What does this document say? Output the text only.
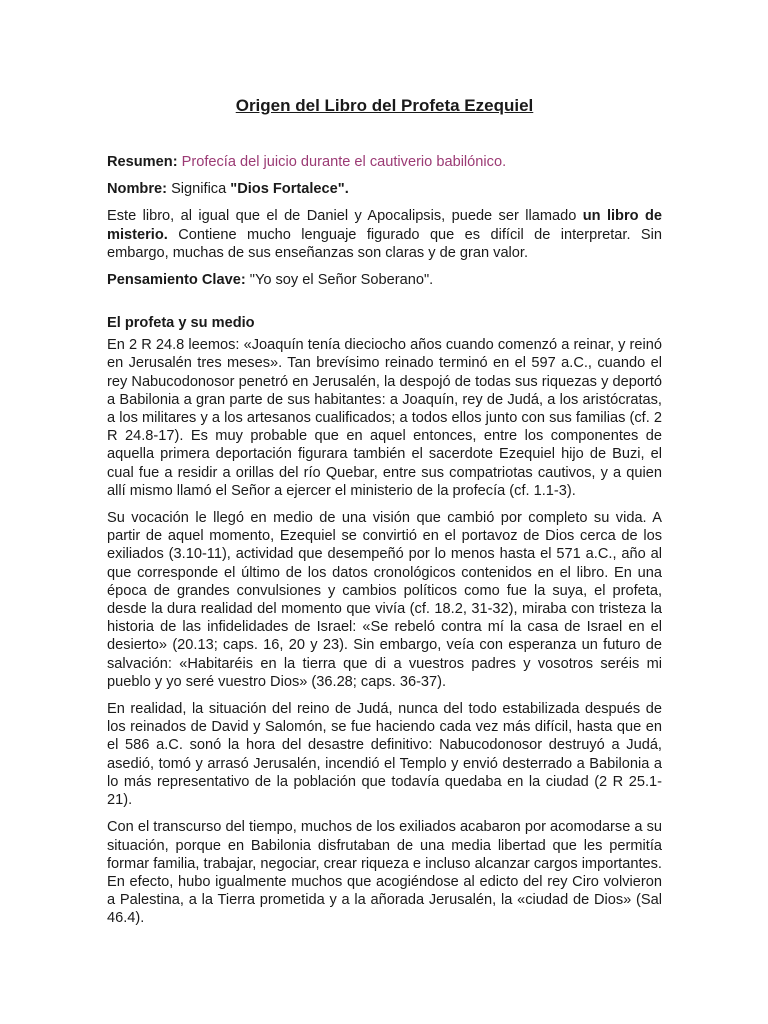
Origen del Libro del Profeta Ezequiel

Resumen: Profecía del juicio durante el cautiverio babilónico.

Nombre: Significa "Dios Fortalece".

Este libro, al igual que el de Daniel y Apocalipsis, puede ser llamado un libro de misterio. Contiene mucho lenguaje figurado que es difícil de interpretar. Sin embargo, muchas de sus enseñanzas son claras y de gran valor.

Pensamiento Clave: "Yo soy el Señor Soberano".

El profeta y su medio

En 2 R 24.8 leemos: «Joaquín tenía dieciocho años cuando comenzó a reinar, y reinó en Jerusalén tres meses». Tan brevísimo reinado terminó en el 597 a.C., cuando el rey Nabucodonosor penetró en Jerusalén, la despojó de todas sus riquezas y deportó a Babilonia a gran parte de sus habitantes: a Joaquín, rey de Judá, a los aristócratas, a los militares y a los artesanos cualificados; a todos ellos junto con sus familias (cf. 2 R 24.8-17). Es muy probable que en aquel entonces, entre los componentes de aquella primera deportación figurara también el sacerdote Ezequiel hijo de Buzi, el cual fue a residir a orillas del río Quebar, entre sus compatriotas cautivos, y a quien allí mismo llamó el Señor a ejercer el ministerio de la profecía (cf. 1.1-3).

Su vocación le llegó en medio de una visión que cambió por completo su vida. A partir de aquel momento, Ezequiel se convirtió en el portavoz de Dios cerca de los exiliados (3.10-11), actividad que desempeñó por lo menos hasta el 571 a.C., año al que corresponde el último de los datos cronológicos contenidos en el libro. En una época de grandes convulsiones y cambios políticos como fue la suya, el profeta, desde la dura realidad del momento que vivía (cf. 18.2, 31-32), miraba con tristeza la historia de las infidelidades de Israel: «Se rebeló contra mí la casa de Israel en el desierto» (20.13; caps. 16, 20 y 23). Sin embargo, veía con esperanza un futuro de salvación: «Habitaréis en la tierra que di a vuestros padres y vosotros seréis mi pueblo y yo seré vuestro Dios» (36.28; caps. 36-37).

En realidad, la situación del reino de Judá, nunca del todo estabilizada después de los reinados de David y Salomón, se fue haciendo cada vez más difícil, hasta que en el 586 a.C. sonó la hora del desastre definitivo: Nabucodonosor destruyó a Judá, asedió, tomó y arrasó Jerusalén, incendió el Templo y envió desterrado a Babilonia a lo más representativo de la población que todavía quedaba en la ciudad (2 R 25.1-21).

Con el transcurso del tiempo, muchos de los exiliados acabaron por acomodarse a su situación, porque en Babilonia disfrutaban de una media libertad que les permitía formar familia, trabajar, negociar, crear riqueza e incluso alcanzar cargos importantes. En efecto, hubo igualmente muchos que acogiéndose al edicto del rey Ciro volvieron a Palestina, a la Tierra prometida y a la añorada Jerusalén, la «ciudad de Dios» (Sal 46.4).
